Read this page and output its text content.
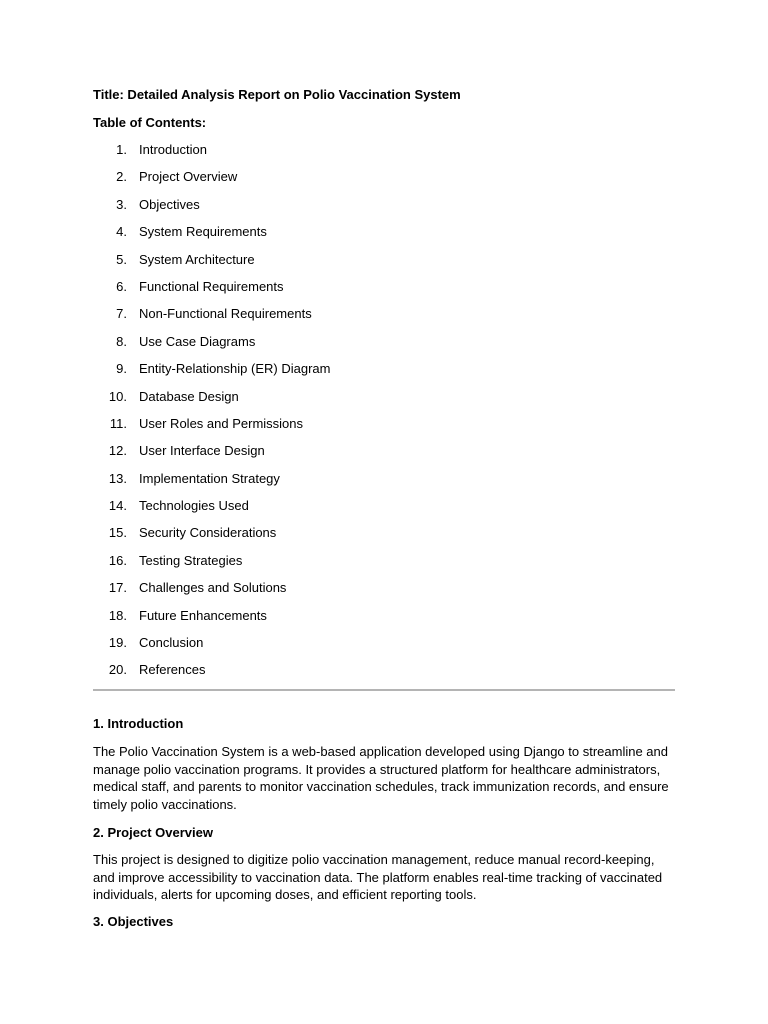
Title: Detailed Analysis Report on Polio Vaccination System
Table of Contents:
1. Introduction
2. Project Overview
3. Objectives
4. System Requirements
5. System Architecture
6. Functional Requirements
7. Non-Functional Requirements
8. Use Case Diagrams
9. Entity-Relationship (ER) Diagram
10. Database Design
11. User Roles and Permissions
12. User Interface Design
13. Implementation Strategy
14. Technologies Used
15. Security Considerations
16. Testing Strategies
17. Challenges and Solutions
18. Future Enhancements
19. Conclusion
20. References
1. Introduction

The Polio Vaccination System is a web-based application developed using Django to streamline and manage polio vaccination programs. It provides a structured platform for healthcare administrators, medical staff, and parents to monitor vaccination schedules, track immunization records, and ensure timely polio vaccinations.

2. Project Overview

This project is designed to digitize polio vaccination management, reduce manual record-keeping, and improve accessibility to vaccination data. The platform enables real-time tracking of vaccinated individuals, alerts for upcoming doses, and efficient reporting tools.

3. Objectives
